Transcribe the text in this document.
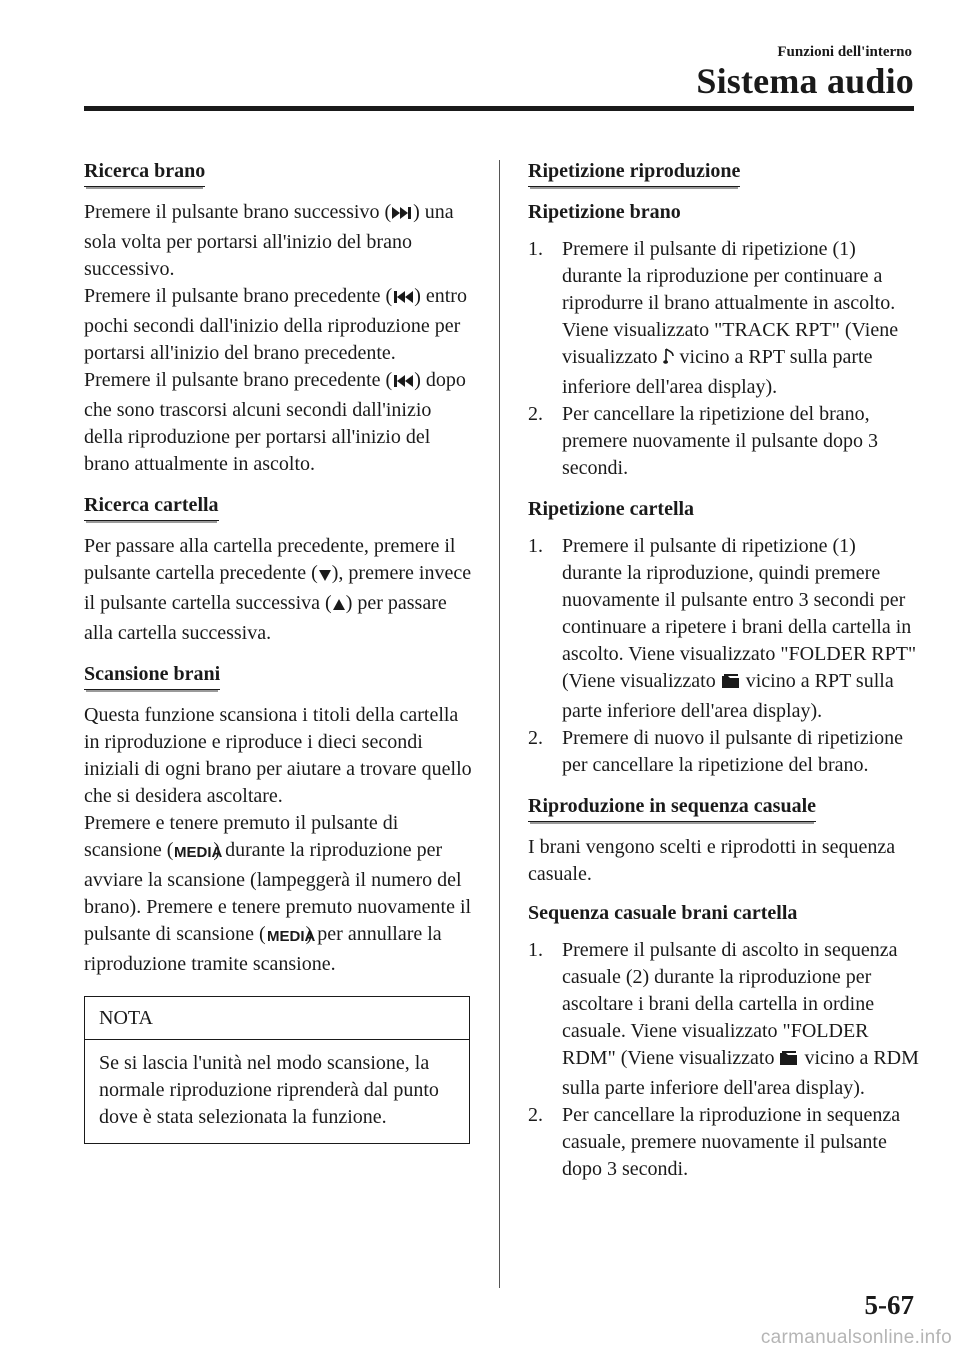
Funzioni dell'interno
Sistema audio
Ricerca brano

Premere il pulsante brano successivo ( ) una sola volta per portarsi all'inizio del brano successivo.

Premere il pulsante brano precedente ( ) entro pochi secondi dall'inizio della riproduzione per portarsi all'inizio del brano precedente.

Premere il pulsante brano precedente ( ) dopo che sono trascorsi alcuni secondi dall'inizio della riproduzione per portarsi all'inizio del brano attualmente in ascolto.

Ricerca cartella

Per passare alla cartella precedente, premere il pulsante cartella precedente ( ), premere invece il pulsante cartella successiva ( ) per passare alla cartella successiva.

Scansione brani

Questa funzione scansiona i titoli della cartella in riproduzione e riproduce i dieci secondi iniziali di ogni brano per aiutare a trovare quello che si desidera ascoltare.

Premere e tenere premuto il pulsante di scansione ( MEDIA
) durante la riproduzione per avviare la scansione (lampeggerà il numero del brano). Premere e tenere premuto nuovamente il pulsante di scansione ( MEDIA
) per annullare la riproduzione tramite scansione.

NOTA
Se si lascia l'unità nel modo scansione, la normale riproduzione riprenderà dal punto dove è stata selezionata la funzione.
Ripetizione riproduzione
Ripetizione brano
1. Premere il pulsante di ripetizione (1) durante la riproduzione per continuare a riprodurre il brano attualmente in ascolto. Viene visualizzato "TRACK RPT" (Viene visualizzato  vicino a RPT sulla parte inferiore dell'area display).
2. Per cancellare la ripetizione del brano, premere nuovamente il pulsante dopo 3 secondi.
Ripetizione cartella
1. Premere il pulsante di ripetizione (1) durante la riproduzione, quindi premere nuovamente il pulsante entro 3 secondi per continuare a ripetere i brani della cartella in ascolto. Viene visualizzato "FOLDER RPT" (Viene visualizzato  vicino a RPT sulla parte inferiore dell'area display).
2. Premere di nuovo il pulsante di ripetizione per cancellare la ripetizione del brano.
Riproduzione in sequenza casuale

I brani vengono scelti e riprodotti in sequenza casuale.

Sequenza casuale brani cartella
1. Premere il pulsante di ascolto in sequenza casuale (2) durante la riproduzione per ascoltare i brani della cartella in ordine casuale. Viene visualizzato "FOLDER RDM" (Viene visualizzato  vicino a RDM sulla parte inferiore dell'area display).
2. Per cancellare la riproduzione in sequenza casuale, premere nuovamente il pulsante dopo 3 secondi.
5-67
carmanualsonline.info
